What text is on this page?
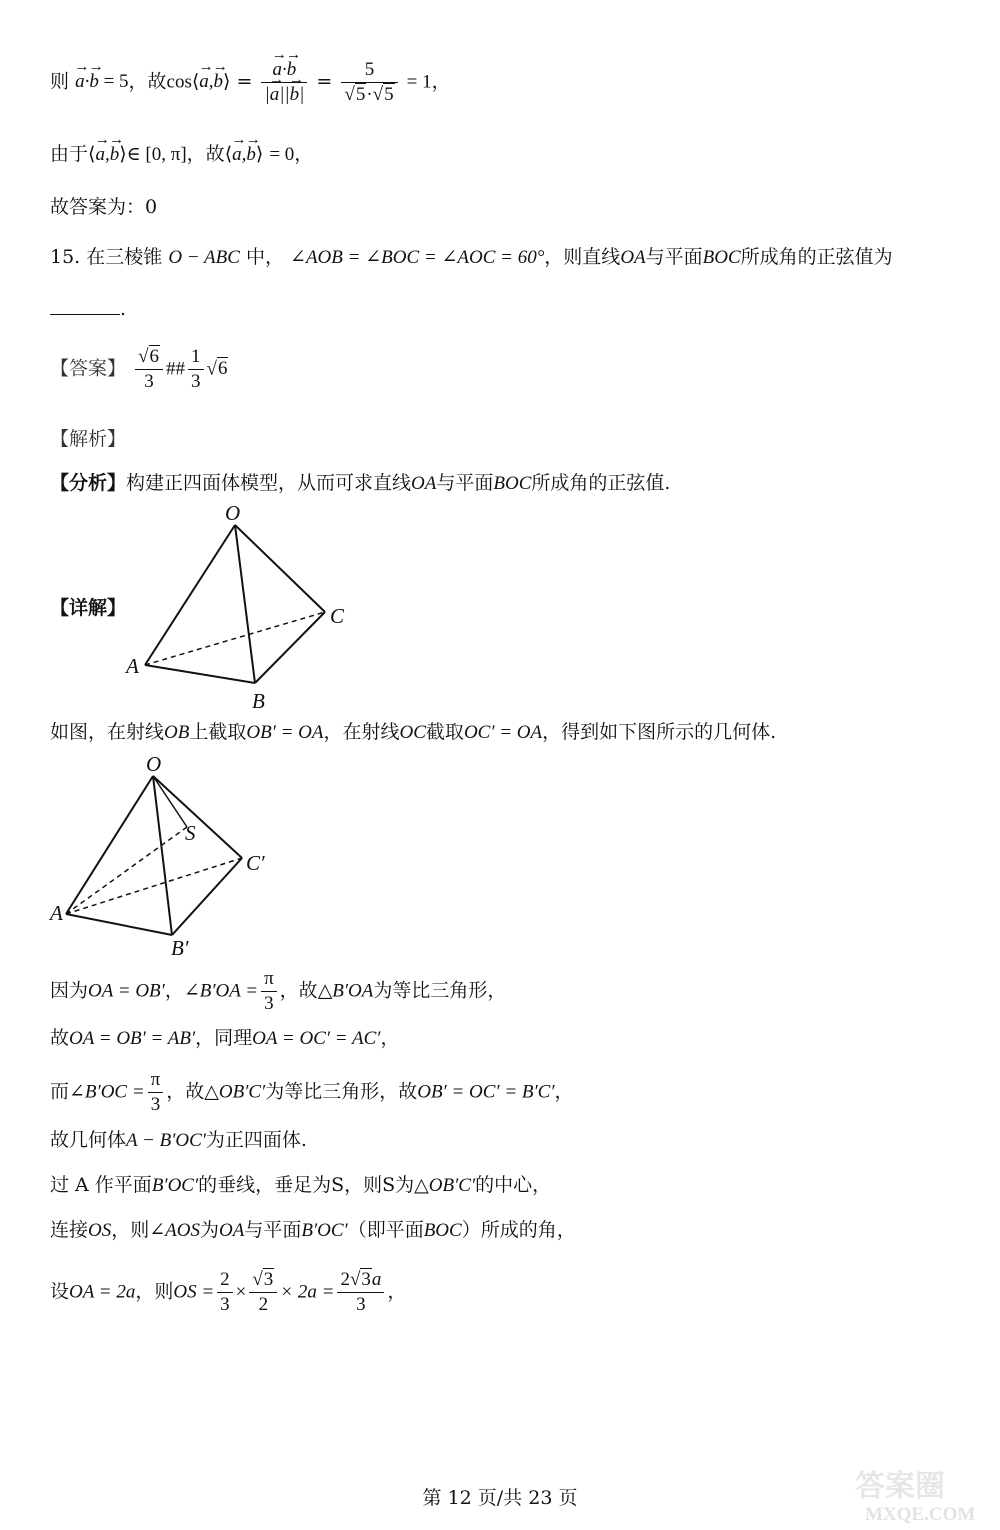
则 → a·→ b = 5，故cos⟨→ a,→ b⟩ = → $\frac{a\cdot\to b}{|\to a||\to b|} = \frac{5}{√5\cdot√5} = 1$，
由于⟨→ a,→ b⟩∈ [0, π]，故⟨→ a,→ b⟩ = 0，
故答案为：0
15. 在三棱锥 O − ABC 中， ∠AOB = ∠BOC = ∠AOC = 60°，则直线OA与平面BOC所成角的正弦值为
.
【答案】 $\frac{√6}{3}$ ## $\frac{1}{3} √6$
【解析】
【分析】构建正四面体模型，从而可求直线OA与平面BOC所成角的正弦值.
【详解】
O
A
B
C
如图，在射线OB上截取OB′ = OA，在射线OC截取OC′ = OA，得到如下图所示的几何体.
O
A
B′
C′
S
因为OA = OB′，∠B′OA = $\frac{\pi}{3}$ ，故△B′OA为等比三角形，
故OA = OB′ = AB′，同理OA = OC′ = AC′，
而∠B′OC = $\frac{\pi}{3}$ ，故△OB′C′为等比三角形，故OB′ = OC′ = B′C′，
故几何体A − B′OC′为正四面体.
过 A 作平面B′OC′的垂线，垂足为S，则S为△OB′C′的中心，
连接OS，则∠AOS为OA与平面B′OC′（即平面BOC）所成的角，
设OA = 2a，则OS = $\frac{2}{3} \times \frac{√3}{2} \times 2a = \frac{2√3a}{3}$ ，
第 12 页/共 23 页	答案圈
MXQE.COM
